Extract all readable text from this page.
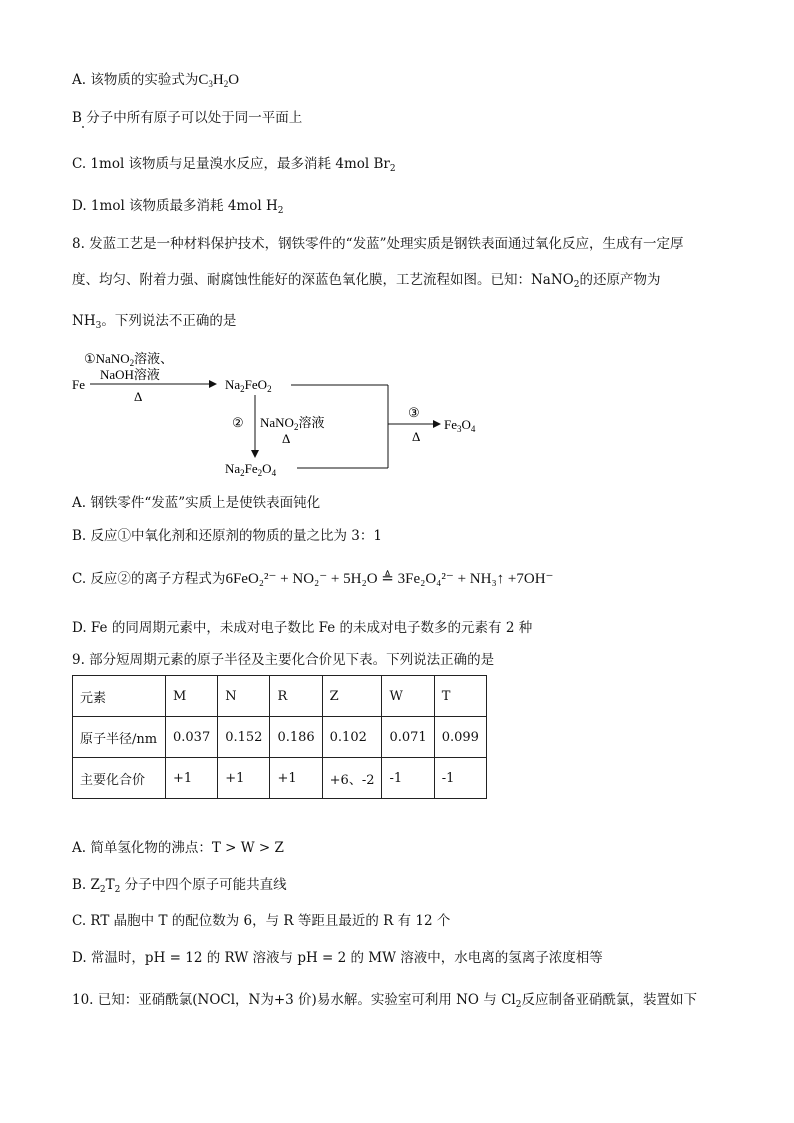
A. 该物质的实验式为$C_3H_2O$
B 分子中所有原子可以处于同一平面上
C. 1mol 该物质与足量溴水反应，最多消耗 4mol $Br_2$
D. 1mol 该物质最多消耗 4mol $H_2$
8. 发蓝工艺是一种材料保护技术，钢铁零件的“发蓝”处理实质是钢铁表面通过氧化反应，生成有一定厚
度、均匀、附着力强、耐腐蚀性能好的深蓝色氧化膜，工艺流程如图。已知：NaNO$_2$的还原产物为
$NH_3$。下列说法不正确的是
Fe
①NaNO$_2$溶液、
NaOH溶液
Δ
$Na_2FeO_2$
② NaNO$_2$溶液
Δ
$Na_2Fe_2O_4$
③
Δ
$Fe_3O_4$
A. 钢铁零件“发蓝”实质上是使铁表面钝化
B. 反应①中氧化剂和还原剂的物质的量之比为 3：1
C. 反应②的离子方程式为6FeO₂²⁻ + NO₂⁻ + 5H₂O ≜ 3Fe₂O₄²⁻ + NH₃↑ +7OH⁻
D. Fe 的同周期元素中，未成对电子数比 Fe 的未成对电子数多的元素有 2 种
9. 部分短周期元素的原子半径及主要化合价见下表。下列说法正确的是
元素	M	N	R	Z	W	T
原子半径/nm	0.037	0.152	0.186	0.102	0.071	0.099
主要化合价	+1	+1	+1	+6、-2	-1	-1
A. 简单氢化物的沸点：T > W > Z
B. $Z_2T_2$ 分子中四个原子可能共直线
C. RT 晶胞中 T 的配位数为 6，与 R 等距且最近的 R 有 12 个
D. 常温时，pH = 12 的 RW 溶液与 pH = 2 的 MW 溶液中，水电离的氢离子浓度相等
10. 已知：亚硝酰氯(NOCl，N为+3 价)易水解。实验室可利用 NO 与 $Cl_2$反应制备亚硝酰氯，装置如下
